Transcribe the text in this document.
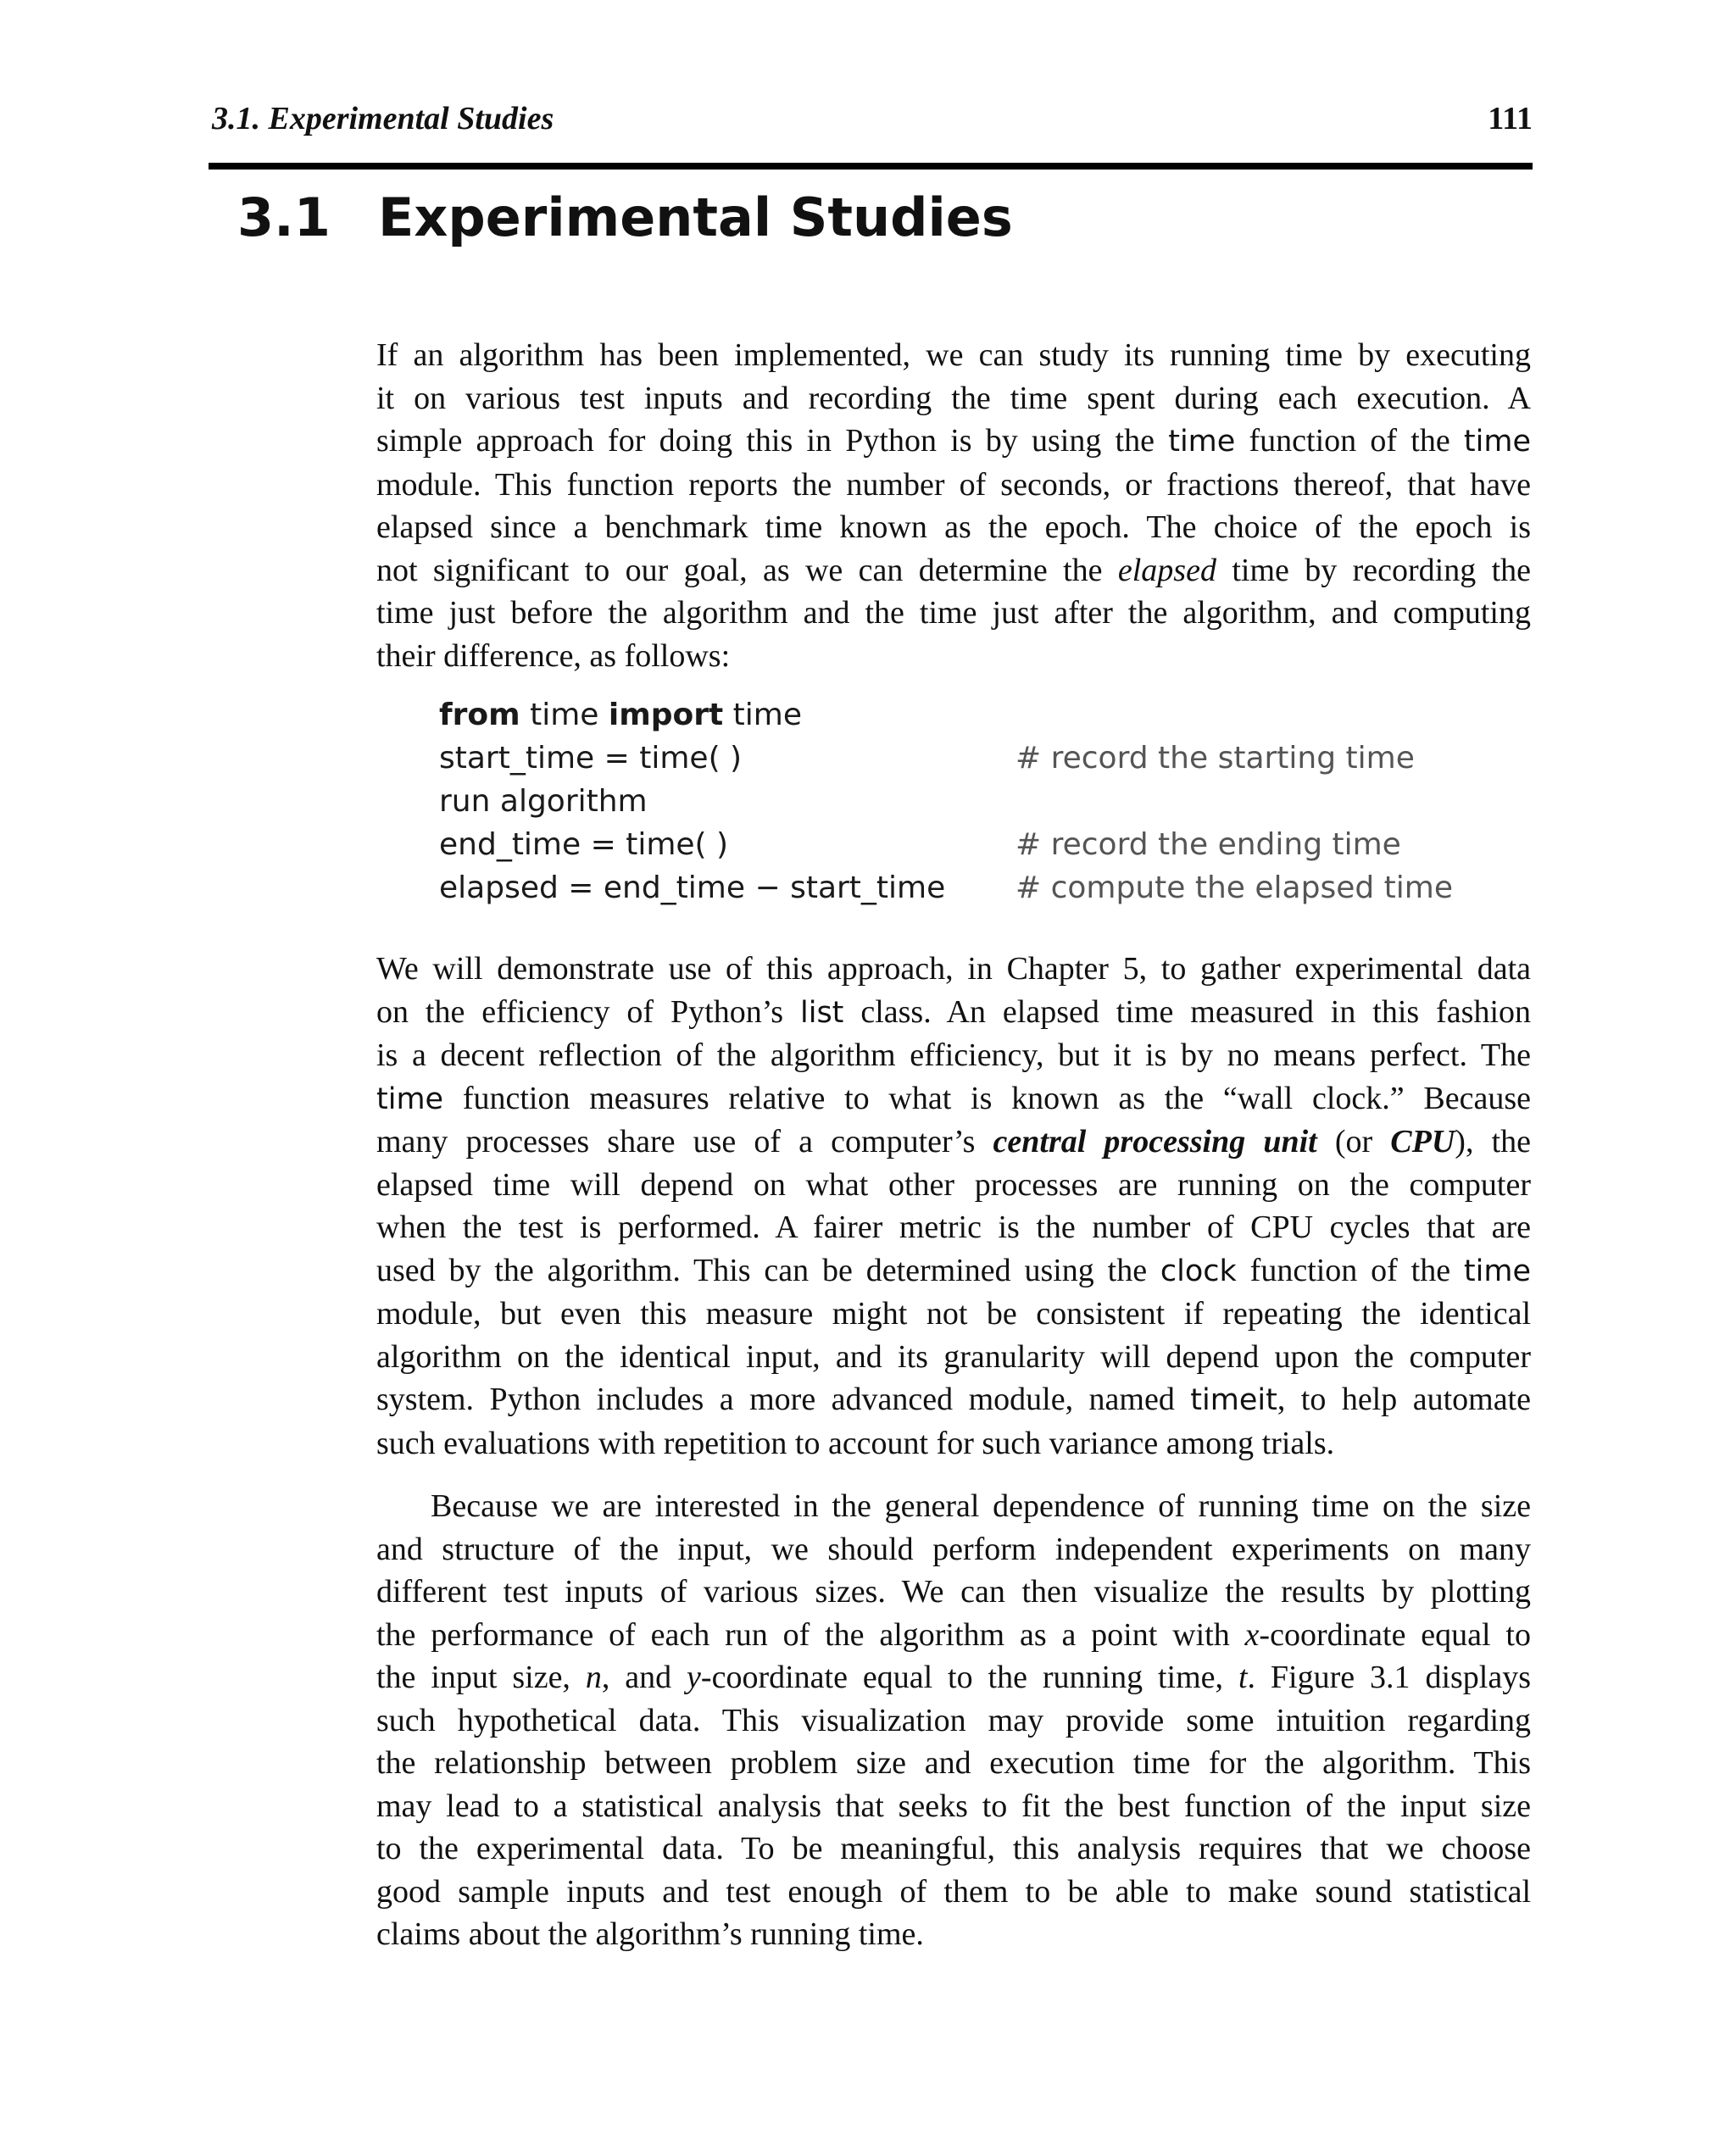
3.1. Experimental Studies	111
3.1 Experimental Studies
If an algorithm has been implemented, we can study its running time by executing
it on various test inputs and recording the time spent during each execution. A
simple approach for doing this in Python is by using the time function of the time
module. This function reports the number of seconds, or fractions thereof, that have
elapsed since a benchmark time known as the epoch. The choice of the epoch is
not significant to our goal, as we can determine the elapsed time by recording the
time just before the algorithm and the time just after the algorithm, and computing
their difference, as follows:
from time import time
start_time = time( )	# record the starting time
run algorithm
end_time = time( )	# record the ending time
elapsed = end_time − start_time # compute the elapsed time
We will demonstrate use of this approach, in Chapter 5, to gather experimental data
on the efficiency of Python’s list class. An elapsed time measured in this fashion
is a decent reflection of the algorithm efficiency, but it is by no means perfect. The
time function measures relative to what is known as the “wall clock.” Because
many processes share use of a computer’s central processing unit (or CPU), the
elapsed time will depend on what other processes are running on the computer
when the test is performed. A fairer metric is the number of CPU cycles that are
used by the algorithm. This can be determined using the clock function of the time
module, but even this measure might not be consistent if repeating the identical
algorithm on the identical input, and its granularity will depend upon the computer
system. Python includes a more advanced module, named timeit, to help automate
such evaluations with repetition to account for such variance among trials.
Because we are interested in the general dependence of running time on the size
and structure of the input, we should perform independent experiments on many
different test inputs of various sizes. We can then visualize the results by plotting
the performance of each run of the algorithm as a point with x-coordinate equal to
the input size, n, and y-coordinate equal to the running time, t. Figure 3.1 displays
such hypothetical data. This visualization may provide some intuition regarding
the relationship between problem size and execution time for the algorithm. This
may lead to a statistical analysis that seeks to fit the best function of the input size
to the experimental data. To be meaningful, this analysis requires that we choose
good sample inputs and test enough of them to be able to make sound statistical
claims about the algorithm’s running time.
